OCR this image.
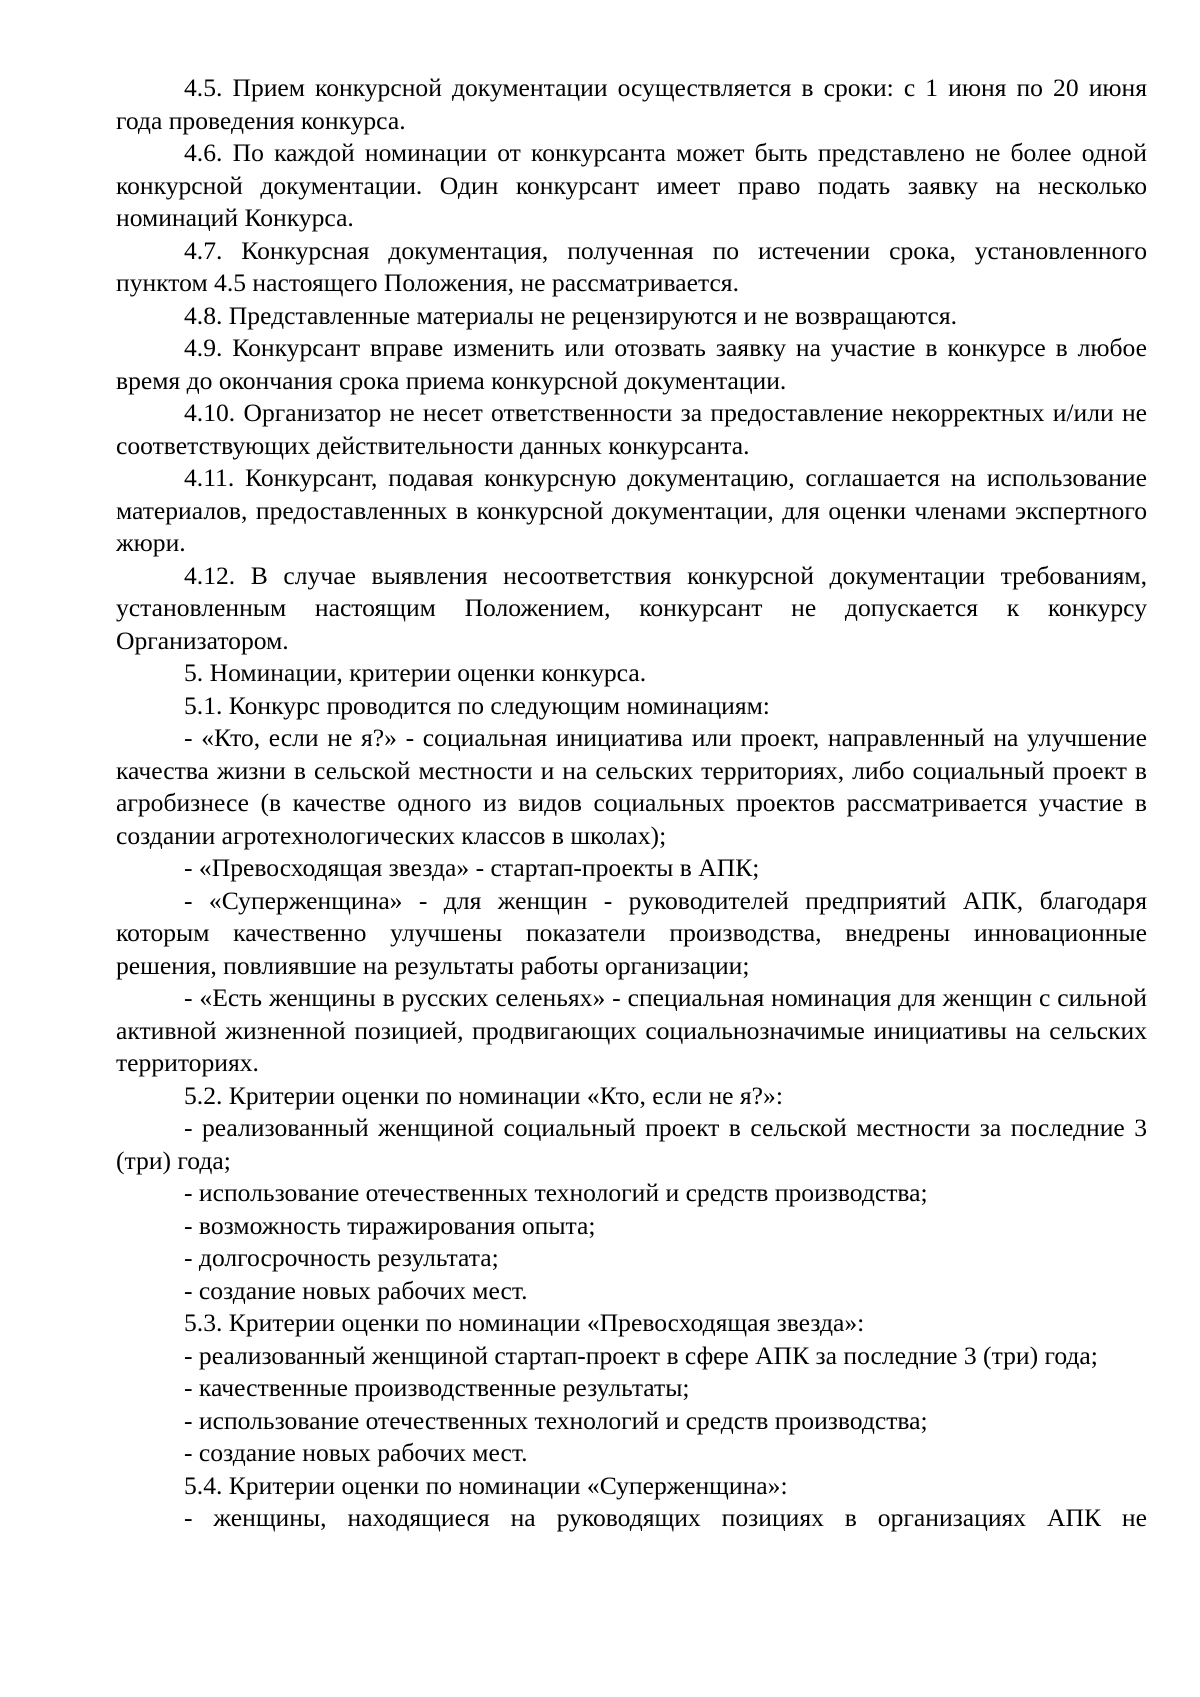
4.5. Прием конкурсной документации осуществляется в сроки: с 1 июня по 20 июня года проведения конкурса.

4.6. По каждой номинации от конкурсанта может быть представлено не более одной конкурсной документации. Один конкурсант имеет право подать заявку на несколько номинаций Конкурса.

4.7. Конкурсная документация, полученная по истечении срока, установленного пунктом 4.5 настоящего Положения, не рассматривается.

4.8. Представленные материалы не рецензируются и не возвращаются.

4.9. Конкурсант вправе изменить или отозвать заявку на участие в конкурсе в любое время до окончания срока приема конкурсной документации.

4.10. Организатор не несет ответственности за предоставление некорректных и/или не соответствующих действительности данных конкурсанта.

4.11. Конкурсант, подавая конкурсную документацию, соглашается на использование материалов, предоставленных в конкурсной документации, для оценки членами экспертного жюри.

4.12. В случае выявления несоответствия конкурсной документации требованиям, установленным настоящим Положением, конкурсант не допускается к конкурсу Организатором.

5. Номинации, критерии оценки конкурса.

5.1. Конкурс проводится по следующим номинациям:

- «Кто, если не я?» - социальная инициатива или проект, направленный на улучшение качества жизни в сельской местности и на сельских территориях, либо социальный проект в агробизнесе (в качестве одного из видов социальных проектов рассматривается участие в создании агротехнологических классов в школах);

- «Превосходящая звезда» - стартап-проекты в АПК;

- «Суперженщина» - для женщин - руководителей предприятий АПК, благодаря которым качественно улучшены показатели производства, внедрены инновационные решения, повлиявшие на результаты работы организации;

- «Есть женщины в русских селеньях» - специальная номинация для женщин с сильной активной жизненной позицией, продвигающих социальнозначимые инициативы на сельских территориях.

5.2. Критерии оценки по номинации «Кто, если не я?»:

- реализованный женщиной социальный проект в сельской местности за последние 3 (три) года;

- использование отечественных технологий и средств производства;

- возможность тиражирования опыта;

- долгосрочность результата;

- создание новых рабочих мест.

5.3. Критерии оценки по номинации «Превосходящая звезда»:

- реализованный женщиной стартап-проект в сфере АПК за последние 3 (три) года;

- качественные производственные результаты;

- использование отечественных технологий и средств производства;

- создание новых рабочих мест.

5.4. Критерии оценки по номинации «Суперженщина»:

- женщины, находящиеся на руководящих позициях в организациях АПК не
